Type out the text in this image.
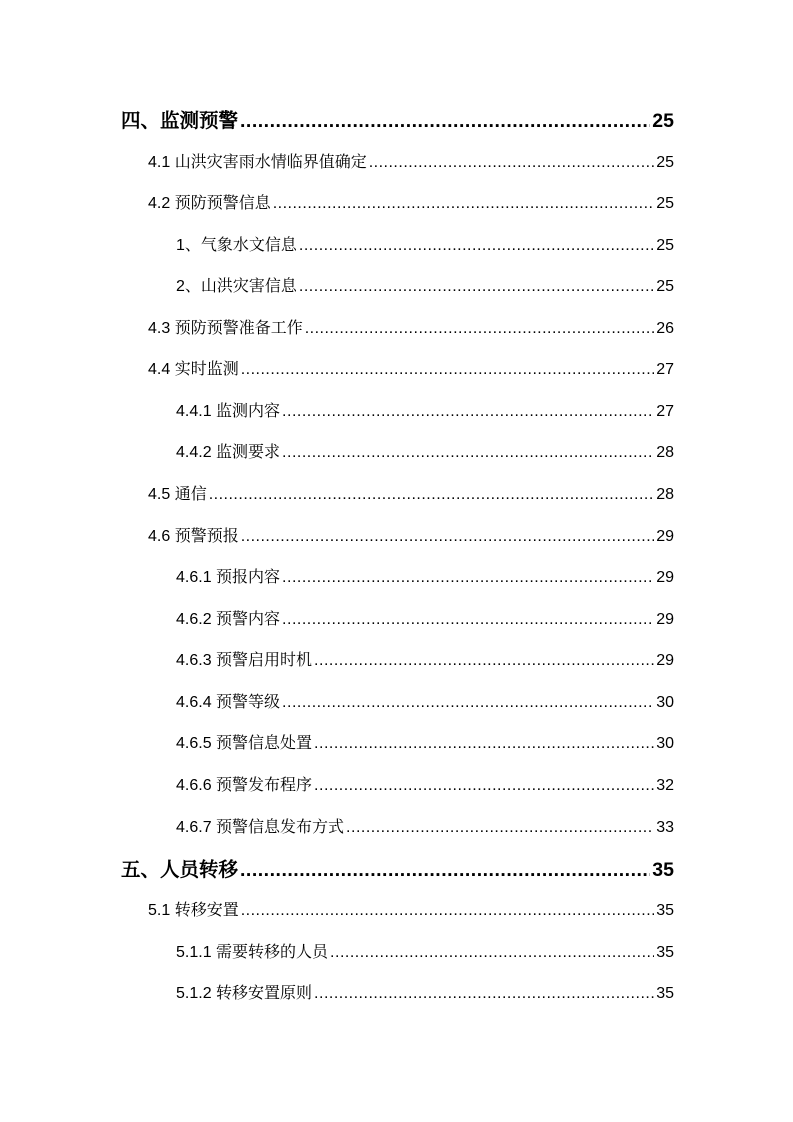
四、监测预警 .....	25
4.1 山洪灾害雨水情临界值确定 .....	25
4.2 预防预警信息 .....	25
1、气象水文信息 .....	25
2、山洪灾害信息 .....	25
4.3 预防预警准备工作 .....	26
4.4 实时监测 .....	27
4.4.1 监测内容 .....	27
4.4.2 监测要求 .....	28
4.5 通信 .....	28
4.6 预警预报 .....	29
4.6.1 预报内容 .....	29
4.6.2 预警内容 .....	29
4.6.3 预警启用时机 .....	29
4.6.4 预警等级 .....	30
4.6.5 预警信息处置 .....	30
4.6.6 预警发布程序 .....	32
4.6.7 预警信息发布方式 .....	33
五、人员转移 .....	35
5.1 转移安置 .....	35
5.1.1 需要转移的人员 .....	35
5.1.2 转移安置原则 .....	35
